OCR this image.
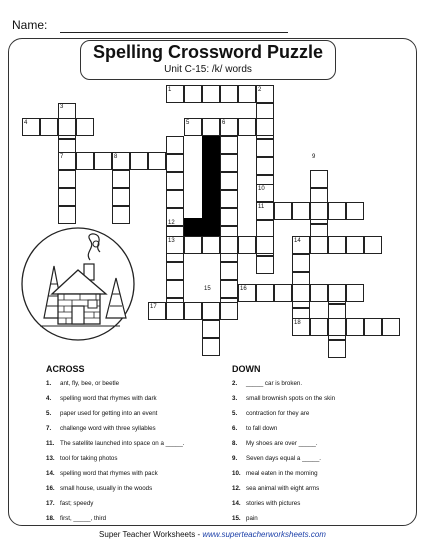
Name:
Spelling Crossword Puzzle
Unit C-15: /k/ words
1	2
3
4	5	6
7	8	9
10
11
12
13	14
15	16
17
18
ACROSS	DOWN
1. ant, fly, bee, or beetle
4. spelling word that rhymes with dark
5. paper used for getting into an event
7. challenge word with three syllables
11. The satellite launched into space on a _____.
13. tool for taking photos
14. spelling word that rhymes with pack
16. small house, usually in the woods
17. fast; speedy
18. first, _____, third
2. _____ car is broken.
3. small brownish spots on the skin
5. contraction for they are
6. to fall down
8. My shoes are over _____.
9. Seven days equal a _____.
10. meal eaten in the morning
12. sea animal with eight arms
14. stories with pictures
15. pain
Super Teacher Worksheets - www.superteacherworksheets.com
